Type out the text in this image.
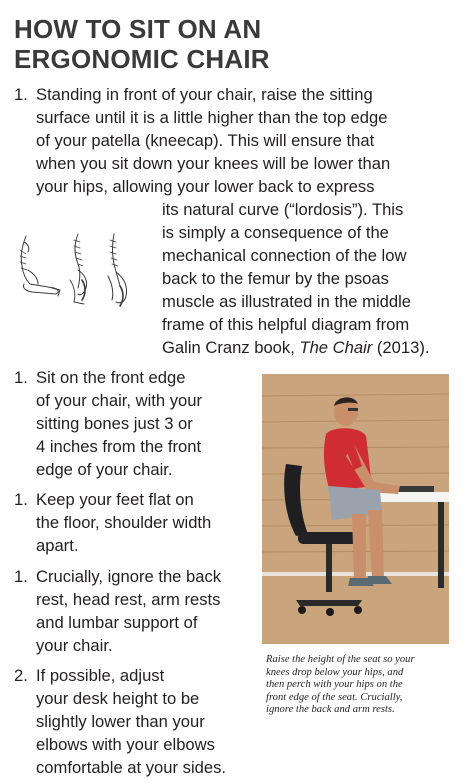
HOW TO SIT ON AN
ERGONOMIC CHAIR
1. Standing in front of your chair, raise the sitting
surface until it is a little higher than the top edge
of your patella (kneecap). This will ensure that
when you sit down your knees will be lower than
your hips, allowing your lower back to express
its natural curve (“lordosis”). This
is simply a consequence of the
mechanical connection of the low
back to the femur by the psoas
muscle as illustrated in the middle
frame of this helpful diagram from
Galin Cranz book, The Chair (2013).
1. Sit on the front edge
of your chair, with your
sitting bones just 3 or
4 inches from the front
edge of your chair.
1. Keep your feet flat on
the floor, shoulder width
apart.
1. Crucially, ignore the back
rest, head rest, arm rests
and lumbar support of
your chair.
2. If possible, adjust
your desk height to be
slightly lower than your
elbows with your elbows
comfortable at your sides.
Raise the height of the seat so your
knees drop below your hips, and
then perch with your hips on the
front edge of the seat. Crucially,
ignore the back and arm rests.
